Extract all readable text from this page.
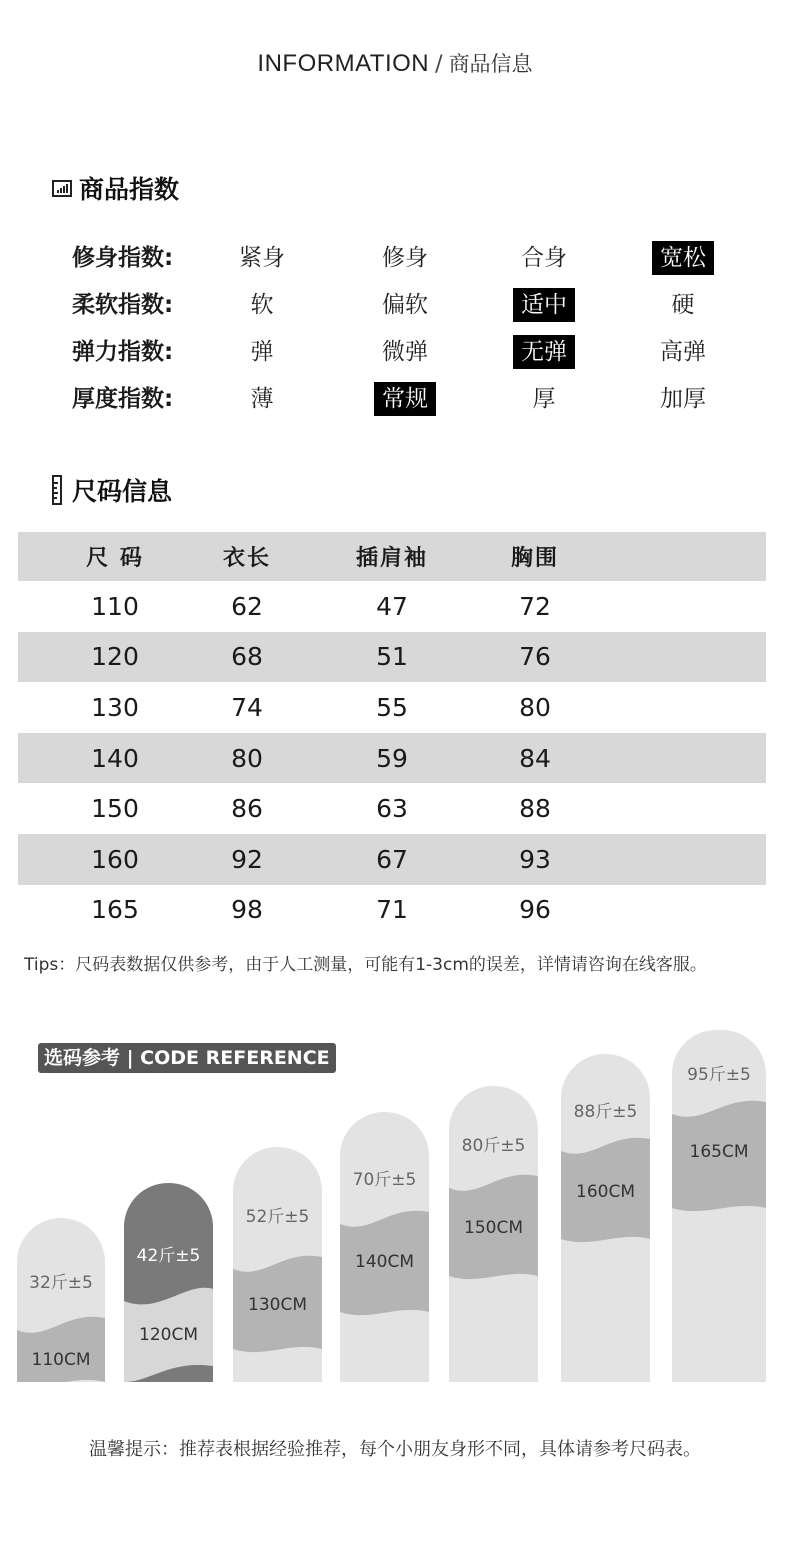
INFORMATION / 商品信息
商品指数
修身指数:	紧身	修身	合身	宽松
柔软指数:	软	偏软	适中	硬
弹力指数:	弹	微弹	无弹	高弹
厚度指数:	薄	常规	厚	加厚
尺码信息
尺 码	衣长	插肩袖	胸围
110	62	47	72
120	68	51	76
130	74	55	80
140	80	59	84
150	86	63	88
160	92	67	93
165	98	71	96
Tips：尺码表数据仅供参考，由于人工测量，可能有1-3cm的误差，详情请咨询在线客服。
32斤±5
110CM
42斤±5
120CM
52斤±5
130CM
70斤±5
140CM
80斤±5
150CM
88斤±5
160CM
95斤±5
165CM
选码参考 | CODE REFERENCE
温馨提示：推荐表根据经验推荐，每个小朋友身形不同，具体请参考尺码表。
